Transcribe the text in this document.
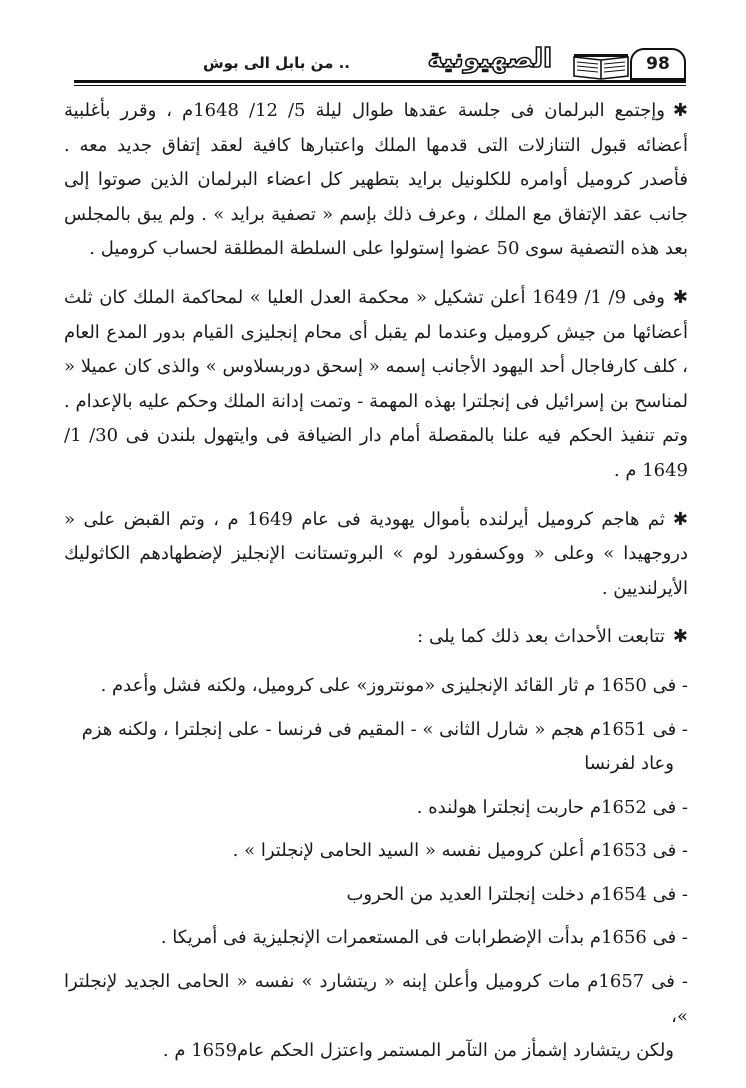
98
الصهيونية
.. من بابل الى بوش

✱وإجتمع البرلمان فى جلسة عقدها طوال ليلة 5/ 12/ 1648م ، وقرر بأغلبية أعضائه قبول التنازلات التى قدمها الملك واعتبارها كافية لعقد إتفاق جديد معه . فأصدر كروميل أوامره للكلونيل برايد بتطهير كل اعضاء البرلمان الذين صوتوا إلى جانب عقد الإتفاق مع الملك ، وعرف ذلك بإسم « تصفية برايد » . ولم يبق بالمجلس بعد هذه التصفية سوى 50 عضوا إستولوا على السلطة المطلقة لحساب كروميل .

✱وفى 9/ 1/ 1649 أعلن تشكيل « محكمة العدل العليا » لمحاكمة الملك كان ثلث أعضائها من جيش كروميل وعندما لم يقبل أى محام إنجليزى القيام بدور المدع العام ، كلف كارفاجال أحد اليهود الأجانب إسمه « إسحق دوربسلاوس » والذى كان عميلا « لمناسح بن إسرائيل فى إنجلترا بهذه المهمة - وتمت إدانة الملك وحكم عليه بالإعدام . وتم تنفيذ الحكم فيه علنا بالمقصلة أمام دار الضيافة فى وايتهول بلندن فى 30/ 1/ 1649 م .

✱ثم هاجم كروميل أيرلنده بأموال يهودية فى عام 1649 م ، وتم القبض على « دروجهيدا » وعلى « ووكسفورد لوم » البروتستانت الإنجليز لإضطهادهم الكاثوليك الأيرلنديين .

✱تتابعت الأحداث بعد ذلك كما يلى :

- فى 1650 م ثار القائد الإنجليزى «مونتروز» على كروميل، ولكنه فشل وأعدم .
- فى 1651م هجم « شارل الثانى » - المقيم فى فرنسا - على إنجلترا ، ولكنه هزم
وعاد لفرنسا
- فى 1652م حاربت إنجلترا هولنده .
- فى 1653م أعلن كروميل نفسه « السيد الحامى لإنجلترا » .
- فى 1654م دخلت إنجلترا العديد من الحروب
- فى 1656م بدأت الإضطرابات فى المستعمرات الإنجليزية فى أمريكا .
- فى 1657م مات كروميل وأعلن إبنه « ريتشارد » نفسه « الحامى الجديد لإنجلترا »،
ولكن ريتشارد إشمأز من التآمر المستمر واعتزل الحكم عام1659 م .
